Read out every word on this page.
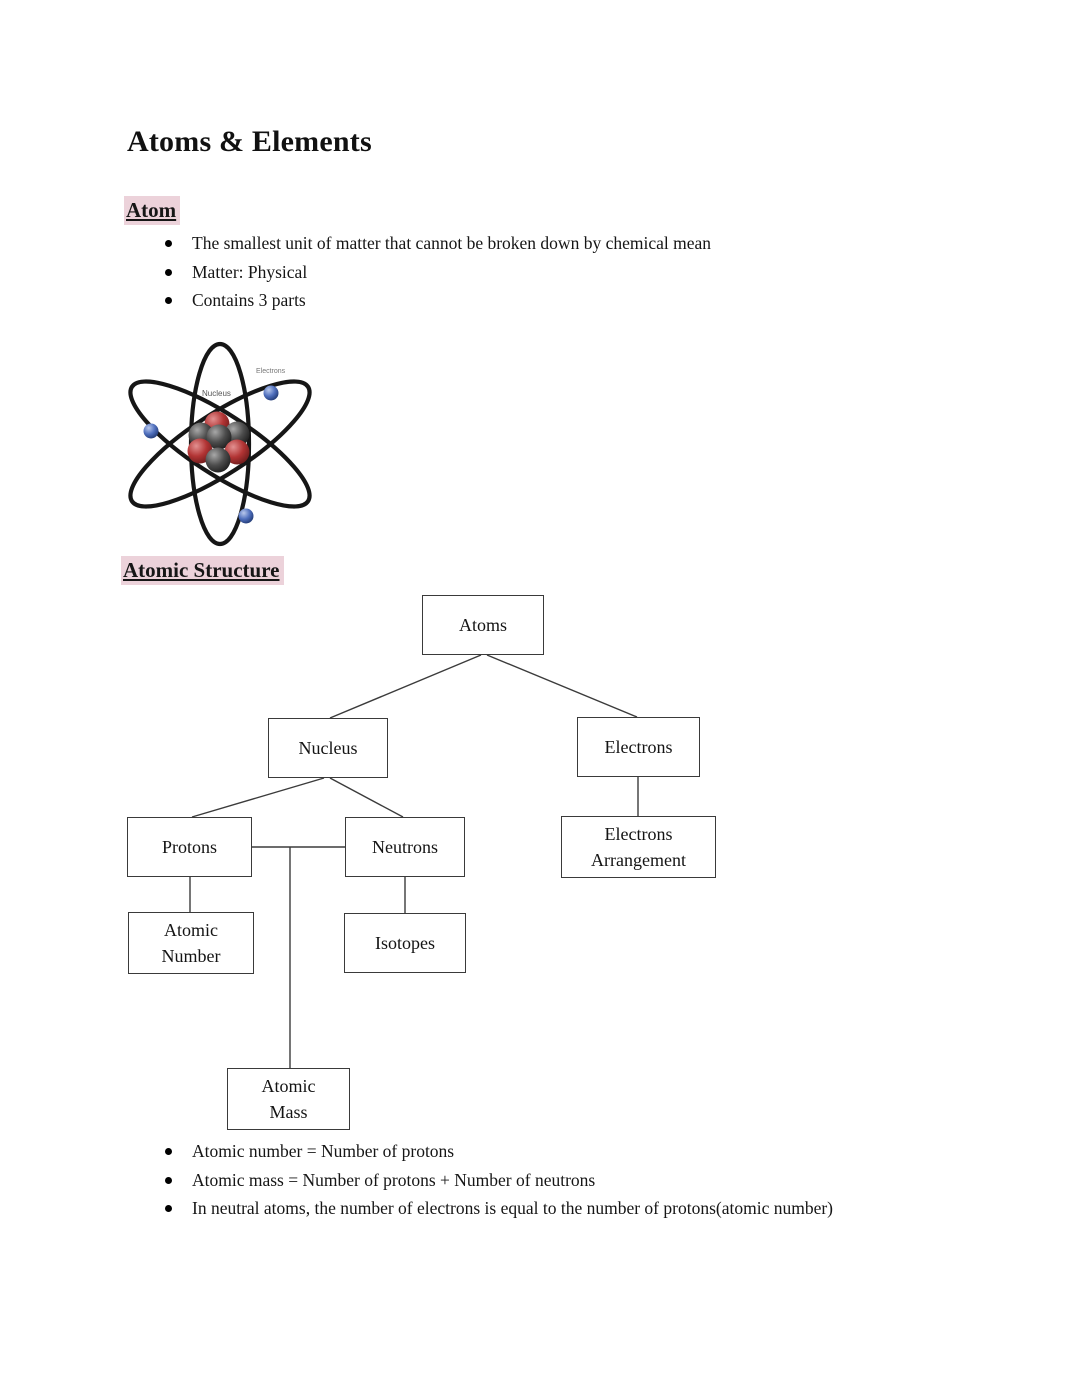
Atoms & Elements
Atom
The smallest unit of matter that cannot be broken down by chemical mean
Matter: Physical
Contains 3 parts
Nucleus
Electrons
Atomic Structure
Atoms
Nucleus	Electrons
Protons	Neutrons
Electrons Arrangement
Atomic Number
Isotopes
Atomic Mass
Atomic number = Number of protons
Atomic mass = Number of protons + Number of neutrons
In neutral atoms, the number of electrons is equal to the number of protons(atomic number)
